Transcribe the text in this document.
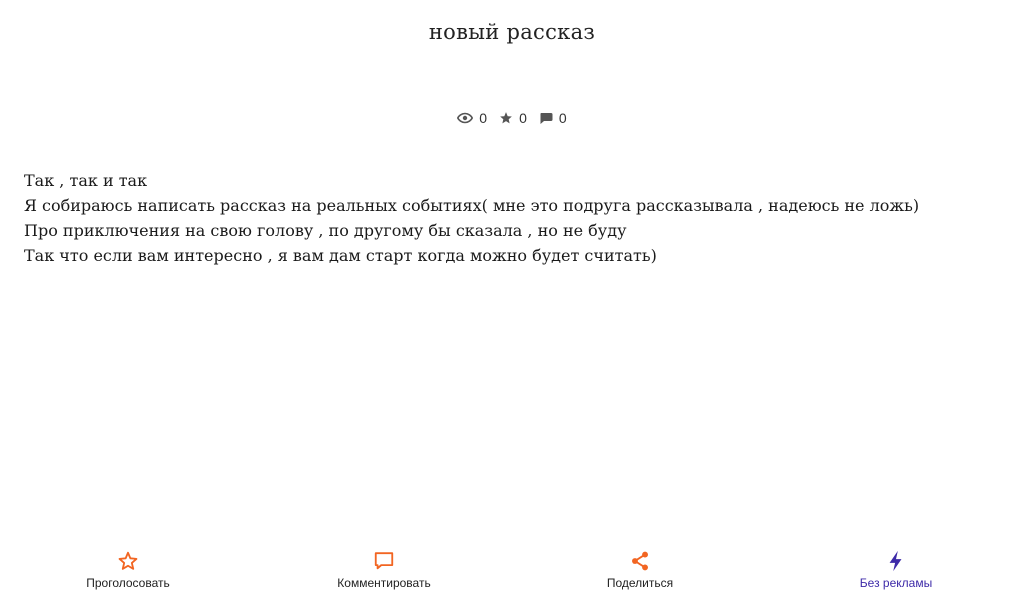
новый рассказ
0 0 0
Так , так и так
Я собираюсь написать рассказ на реальных событиях( мне это подруга рассказывала , надеюсь не ложь)
Про приключения на свою голову , по другому бы сказала , но не буду
Так что если вам интересно , я вам дам старт когда можно будет считать)
Проголосовать	Комментировать	Поделиться	Без рекламы
